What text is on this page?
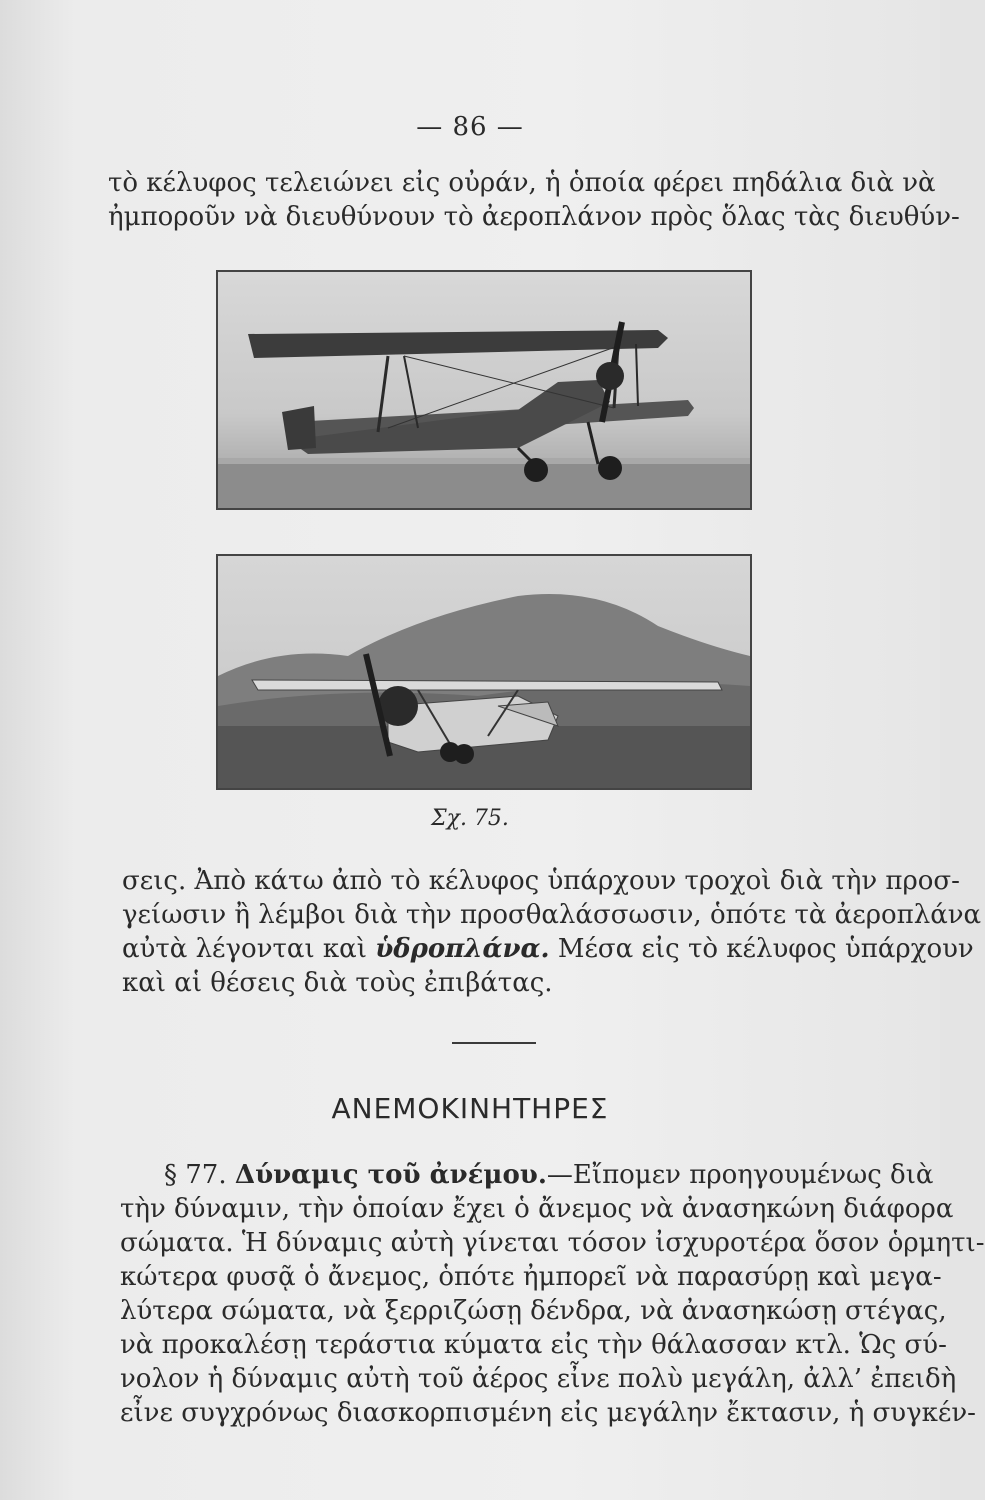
— 86 —
τὸ κέλυφος τελειώνει εἰς οὐράν, ἡ ὁποία φέρει πηδάλια διὰ νὰ
ἠμποροῦν νὰ διευθύνουν τὸ ἀεροπλάνον πρὸς ὅλας τὰς διευθύν-
Σχ. 75.
σεις. Ἀπὸ κάτω ἀπὸ τὸ κέλυφος ὑπάρχουν τροχοὶ διὰ τὴν προσ-
γείωσιν ἢ λέμβοι διὰ τὴν προσθαλάσσωσιν, ὁπότε τὰ ἀεροπλάνα
αὐτὰ λέγονται καὶ ὑδροπλάνα. Μέσα εἰς τὸ κέλυφος ὑπάρχουν
καὶ αἱ θέσεις διὰ τοὺς ἐπιβάτας.
ΑΝΕΜΟΚΙΝΗΤΗΡΕΣ
§ 77. Δύναμις τοῦ ἀνέμου.—Εἴπομεν προηγουμένως διὰ
τὴν δύναμιν, τὴν ὁποίαν ἔχει ὁ ἄνεμος νὰ ἀνασηκώνη διάφορα
σώματα. Ἡ δύναμις αὐτὴ γίνεται τόσον ἰσχυροτέρα ὅσον ὁρμητι-
κώτερα φυσᾷ ὁ ἄνεμος, ὁπότε ἠμπορεῖ νὰ παρασύρῃ καὶ μεγα-
λύτερα σώματα, νὰ ξερριζώσῃ δένδρα, νὰ ἀνασηκώσῃ στέγας,
νὰ προκαλέσῃ τεράστια κύματα εἰς τὴν θάλασσαν κτλ. Ὡς σύ-
νολον ἡ δύναμις αὐτὴ τοῦ ἀέρος εἶνε πολὺ μεγάλη, ἀλλ’ ἐπειδὴ
εἶνε συγχρόνως διασκορπισμένη εἰς μεγάλην ἔκτασιν, ἡ συγκέν-
